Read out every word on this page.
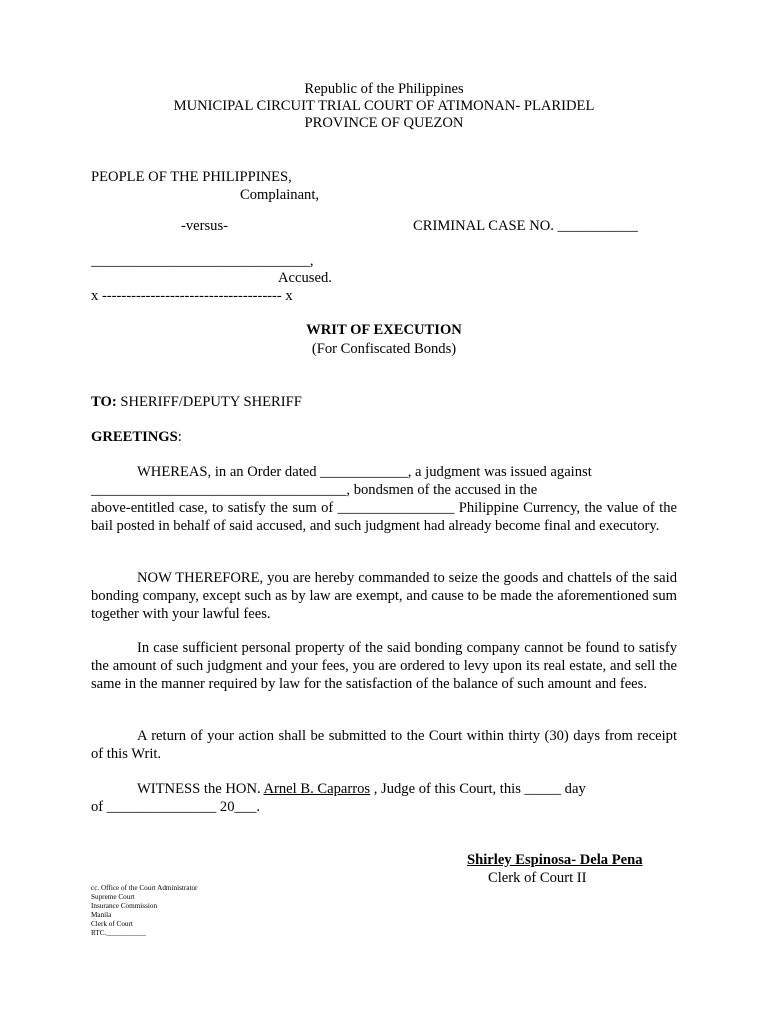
Republic of the Philippines
MUNICIPAL CIRCUIT TRIAL COURT OF ATIMONAN- PLARIDEL
PROVINCE OF QUEZON
PEOPLE OF THE PHILIPPINES,
Complainant,
-versus-	CRIMINAL CASE NO. ___________
______________________________,
Accused.
x ------------------------------------- x
WRIT OF EXECUTION
(For Confiscated Bonds)
TO: SHERIFF/DEPUTY SHERIFF
GREETINGS:
WHEREAS, in an Order dated ____________, a judgment was issued against
___________________________________, bondsmen of the accused in the
above-entitled case, to satisfy the sum of ________________ Philippine Currency, the value of the bail posted in behalf of said accused, and such judgment had already become final and executory.
NOW THEREFORE, you are hereby commanded to seize the goods and chattels of the said bonding company, except such as by law are exempt, and cause to be made the aforementioned sum together with your lawful fees.
In case sufficient personal property of the said bonding company cannot be found to satisfy the amount of such judgment and your fees, you are ordered to levy upon its real estate, and sell the same in the manner required by law for the satisfaction of the balance of such amount and fees.
A return of your action shall be submitted to the Court within thirty (30) days from receipt of this Writ.
WITNESS the HON. Arnel B. Caparros , Judge of this Court, this _____ day
of _______________ 20___.
Shirley Espinosa- Dela Pena
Clerk of Court II
cc. Office of the Court Administrator
Supreme Court
Insurance Commission
Manila
Clerk of Court
RTC.___________
